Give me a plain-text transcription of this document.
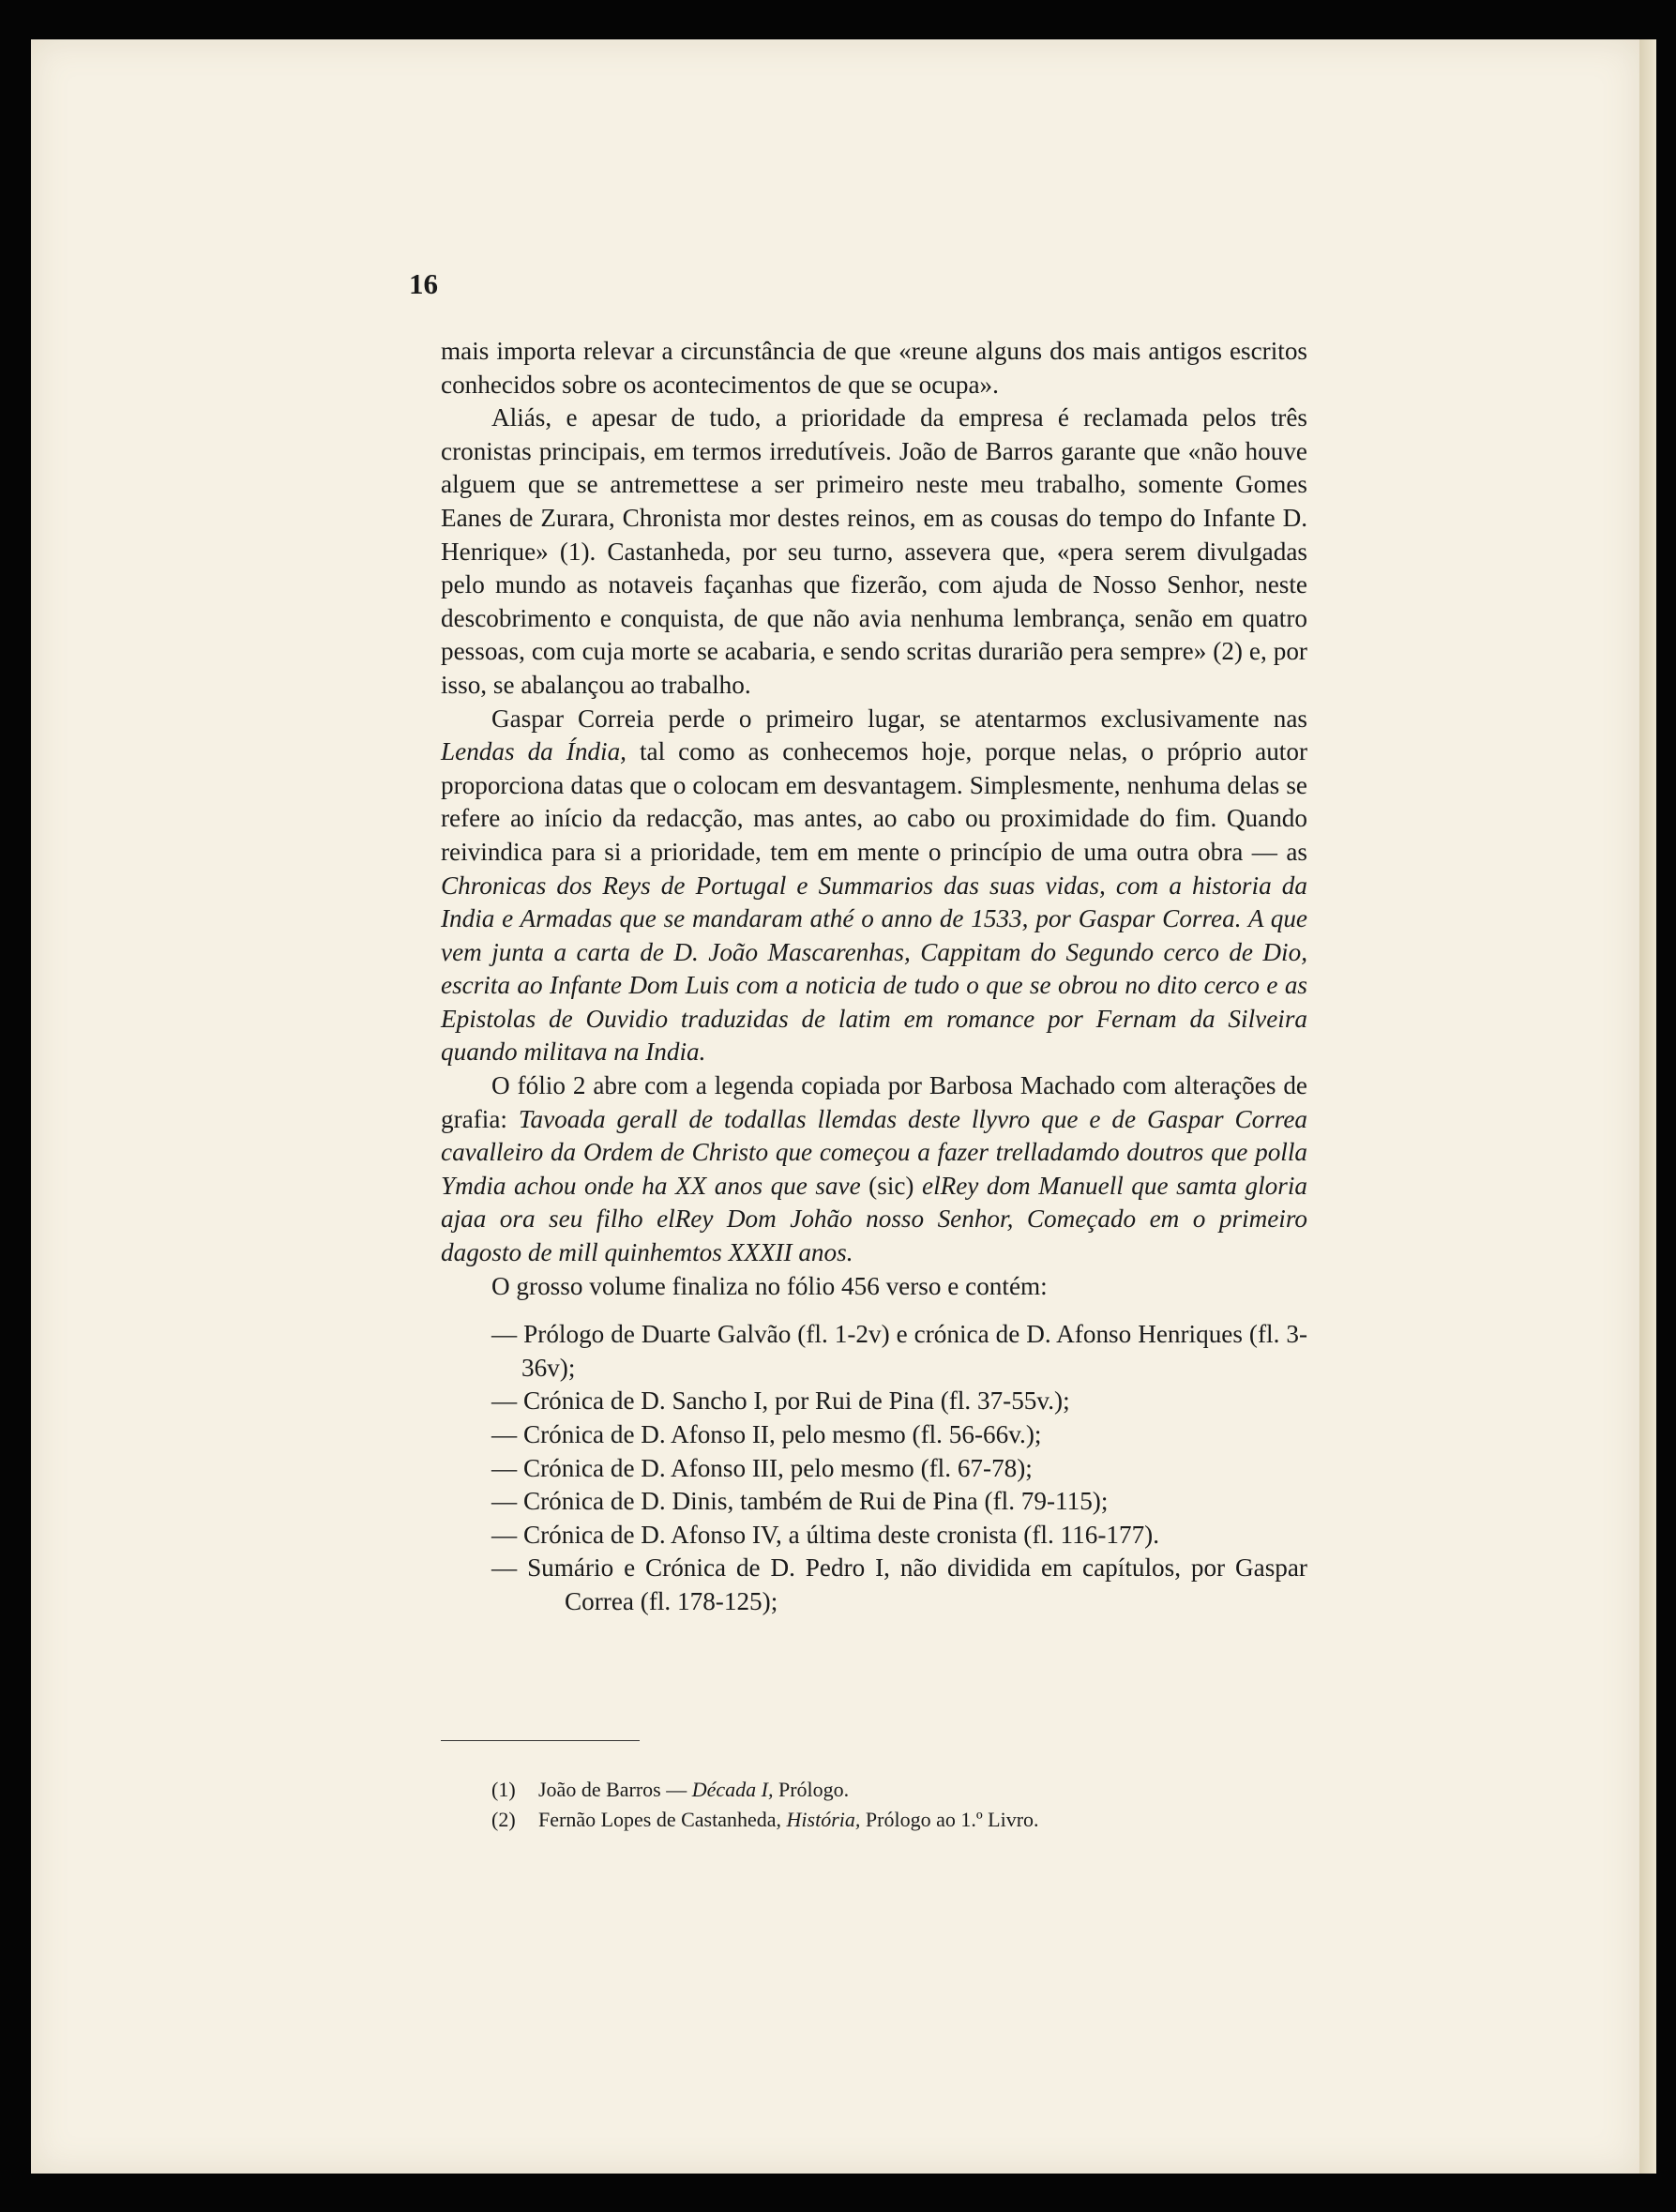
16

mais importa relevar a circunstância de que «reune alguns dos mais antigos escritos conhecidos sobre os acontecimentos de que se ocupa».

Aliás, e apesar de tudo, a prioridade da empresa é reclamada pelos três cronistas principais, em termos irredutíveis. João de Barros garante que «não houve alguem que se antremettese a ser primeiro neste meu trabalho, somente Gomes Eanes de Zurara, Chronista mor destes reinos, em as cousas do tempo do Infante D. Henrique» (1). Castanheda, por seu turno, assevera que, «pera serem divulgadas pelo mundo as notaveis façanhas que fizerão, com ajuda de Nosso Senhor, neste descobrimento e conquista, de que não avia nenhuma lembrança, senão em quatro pessoas, com cuja morte se acabaria, e sendo scritas durarião pera sempre» (2) e, por isso, se abalançou ao trabalho.

Gaspar Correia perde o primeiro lugar, se atentarmos exclusivamente nas Lendas da Índia, tal como as conhecemos hoje, porque nelas, o próprio autor proporciona datas que o colocam em desvantagem. Simplesmente, nenhuma delas se refere ao início da redacção, mas antes, ao cabo ou proximidade do fim. Quando reivindica para si a prioridade, tem em mente o princípio de uma outra obra — as Chronicas dos Reys de Portugal e Summarios das suas vidas, com a historia da India e Armadas que se mandaram athé o anno de 1533, por Gaspar Correa. A que vem junta a carta de D. João Mascarenhas, Cappitam do Segundo cerco de Dio, escrita ao Infante Dom Luis com a noticia de tudo o que se obrou no dito cerco e as Epistolas de Ouvidio traduzidas de latim em romance por Fernam da Silveira quando militava na India.

O fólio 2 abre com a legenda copiada por Barbosa Machado com alterações de grafia: Tavoada gerall de todallas llemdas deste llyvro que e de Gaspar Correa cavalleiro da Ordem de Christo que começou a fazer trelladamdo doutros que polla Ymdia achou onde ha XX anos que save (sic) elRey dom Manuell que samta gloria ajaa ora seu filho elRey Dom Johão nosso Senhor, Começado em o primeiro dagosto de mill quinhemtos XXXII anos.

O grosso volume finaliza no fólio 456 verso e contém:

— Prólogo de Duarte Galvão (fl. 1-2v) e crónica de D. Afonso Henriques (fl. 3-36v);
— Crónica de D. Sancho I, por Rui de Pina (fl. 37-55v.);
— Crónica de D. Afonso II, pelo mesmo (fl. 56-66v.);
— Crónica de D. Afonso III, pelo mesmo (fl. 67-78);
— Crónica de D. Dinis, também de Rui de Pina (fl. 79-115);
— Crónica de D. Afonso IV, a última deste cronista (fl. 116-177).
— Sumário e Crónica de D. Pedro I, não dividida em capítulos, por Gaspar Correa (fl. 178-125);
(1) João de Barros — Década I, Prólogo.
(2) Fernão Lopes de Castanheda, História, Prólogo ao 1.º Livro.
